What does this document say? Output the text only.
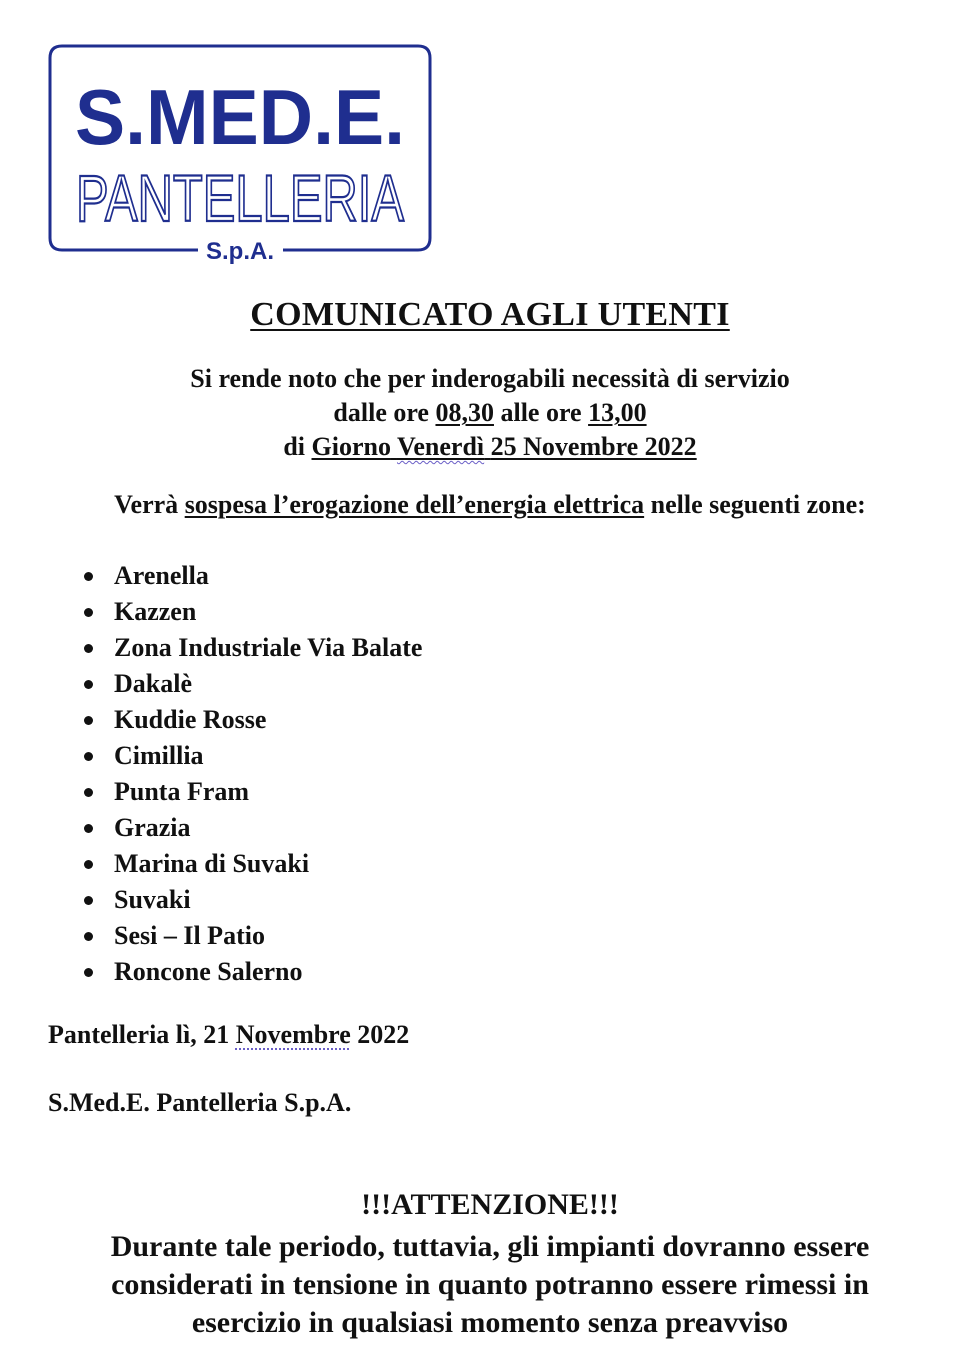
S.MED.E.
PANTELLERIA
S.p.A.
COMUNICATO AGLI UTENTI
Si rende noto che per inderogabili necessità di servizio
dalle ore 08,30 alle ore 13,00
di Giorno Venerdì 25 Novembre 2022
Verrà sospesa l’erogazione dell’energia elettrica nelle seguenti zone:
Arenella
Kazzen
Zona Industriale Via Balate
Dakalè
Kuddie Rosse
Cimillia
Punta Fram
Grazia
Marina di Suvaki
Suvaki
Sesi – Il Patio
Roncone Salerno
Pantelleria lì, 21 Novembre 2022
S.Med.E. Pantelleria S.p.A.
!!!ATTENZIONE!!!
Durante tale periodo, tuttavia, gli impianti dovranno essere
considerati in tensione in quanto potranno essere rimessi in
esercizio in qualsiasi momento senza preavviso
